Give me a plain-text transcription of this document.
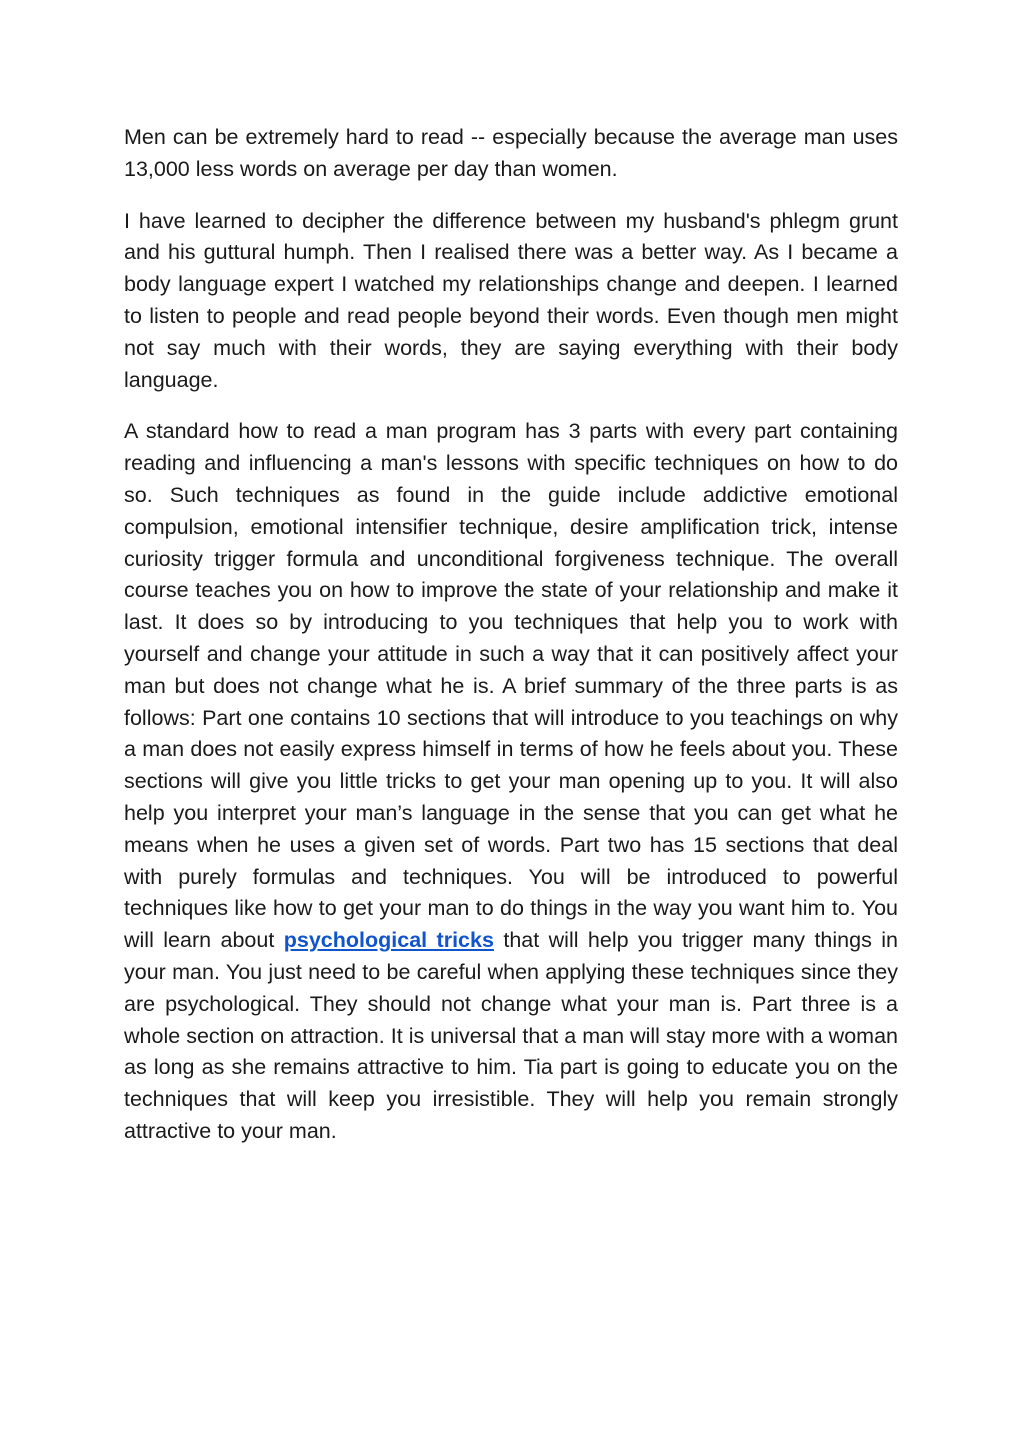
Men can be extremely hard to read -- especially because the average man uses 13,000 less words on average per day than women.

I have learned to decipher the difference between my husband's phlegm grunt and his guttural humph. Then I realised there was a better way. As I became a body language expert I watched my relationships change and deepen. I learned to listen to people and read people beyond their words. Even though men might not say much with their words, they are saying everything with their body language.

A standard how to read a man program has 3 parts with every part containing reading and influencing a man's lessons with specific techniques on how to do so. Such techniques as found in the guide include addictive emotional compulsion, emotional intensifier technique, desire amplification trick, intense curiosity trigger formula and unconditional forgiveness technique. The overall course teaches you on how to improve the state of your relationship and make it last. It does so by introducing to you techniques that help you to work with yourself and change your attitude in such a way that it can positively affect your man but does not change what he is. A brief summary of the three parts is as follows: Part one contains 10 sections that will introduce to you teachings on why a man does not easily express himself in terms of how he feels about you. These sections will give you little tricks to get your man opening up to you. It will also help you interpret your man’s language in the sense that you can get what he means when he uses a given set of words. Part two has 15 sections that deal with purely formulas and techniques. You will be introduced to powerful techniques like how to get your man to do things in the way you want him to. You will learn about psychological tricks that will help you trigger many things in your man. You just need to be careful when applying these techniques since they are psychological. They should not change what your man is. Part three is a whole section on attraction. It is universal that a man will stay more with a woman as long as she remains attractive to him. Tia part is going to educate you on the techniques that will keep you irresistible. They will help you remain strongly attractive to your man.
